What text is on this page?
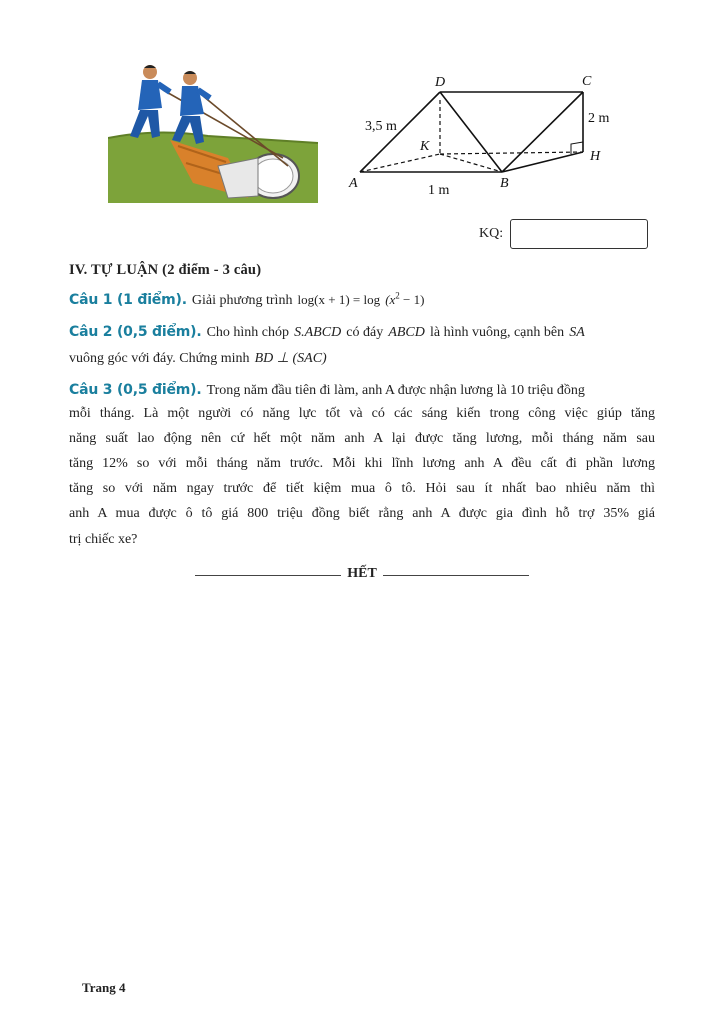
D	C
A	B
K
H
3,5 m
2 m
1 m
KQ:
IV. TỰ LUẬN (2 điểm - 3 câu)
Câu 1 (1 điểm). Giải phương trình $\log(x + 1) = \log (x^2 - 1)$
Câu 2 (0,5 điểm). Cho hình chóp S.ABCD có đáy ABCD là hình vuông, cạnh bên SA
vuông góc với đáy. Chứng minh BD ⊥ (SAC)
Câu 3 (0,5 điểm). Trong năm đầu tiên đi làm, anh A được nhận lương là 10 triệu đồng
mỗi tháng. Là một người có năng lực tốt và có các sáng kiến trong công việc giúp tăng
năng suất lao động nên cứ hết một năm anh A lại được tăng lương, mỗi tháng năm sau
tăng 12% so với mỗi tháng năm trước. Mỗi khi lĩnh lương anh A đều cất đi phần lương
tăng so với năm ngay trước để tiết kiệm mua ô tô. Hỏi sau ít nhất bao nhiêu năm thì
anh A mua được ô tô giá 800 triệu đồng biết rằng anh A được gia đình hỗ trợ 35% giá
trị chiếc xe?
HẾT
Trang 4
